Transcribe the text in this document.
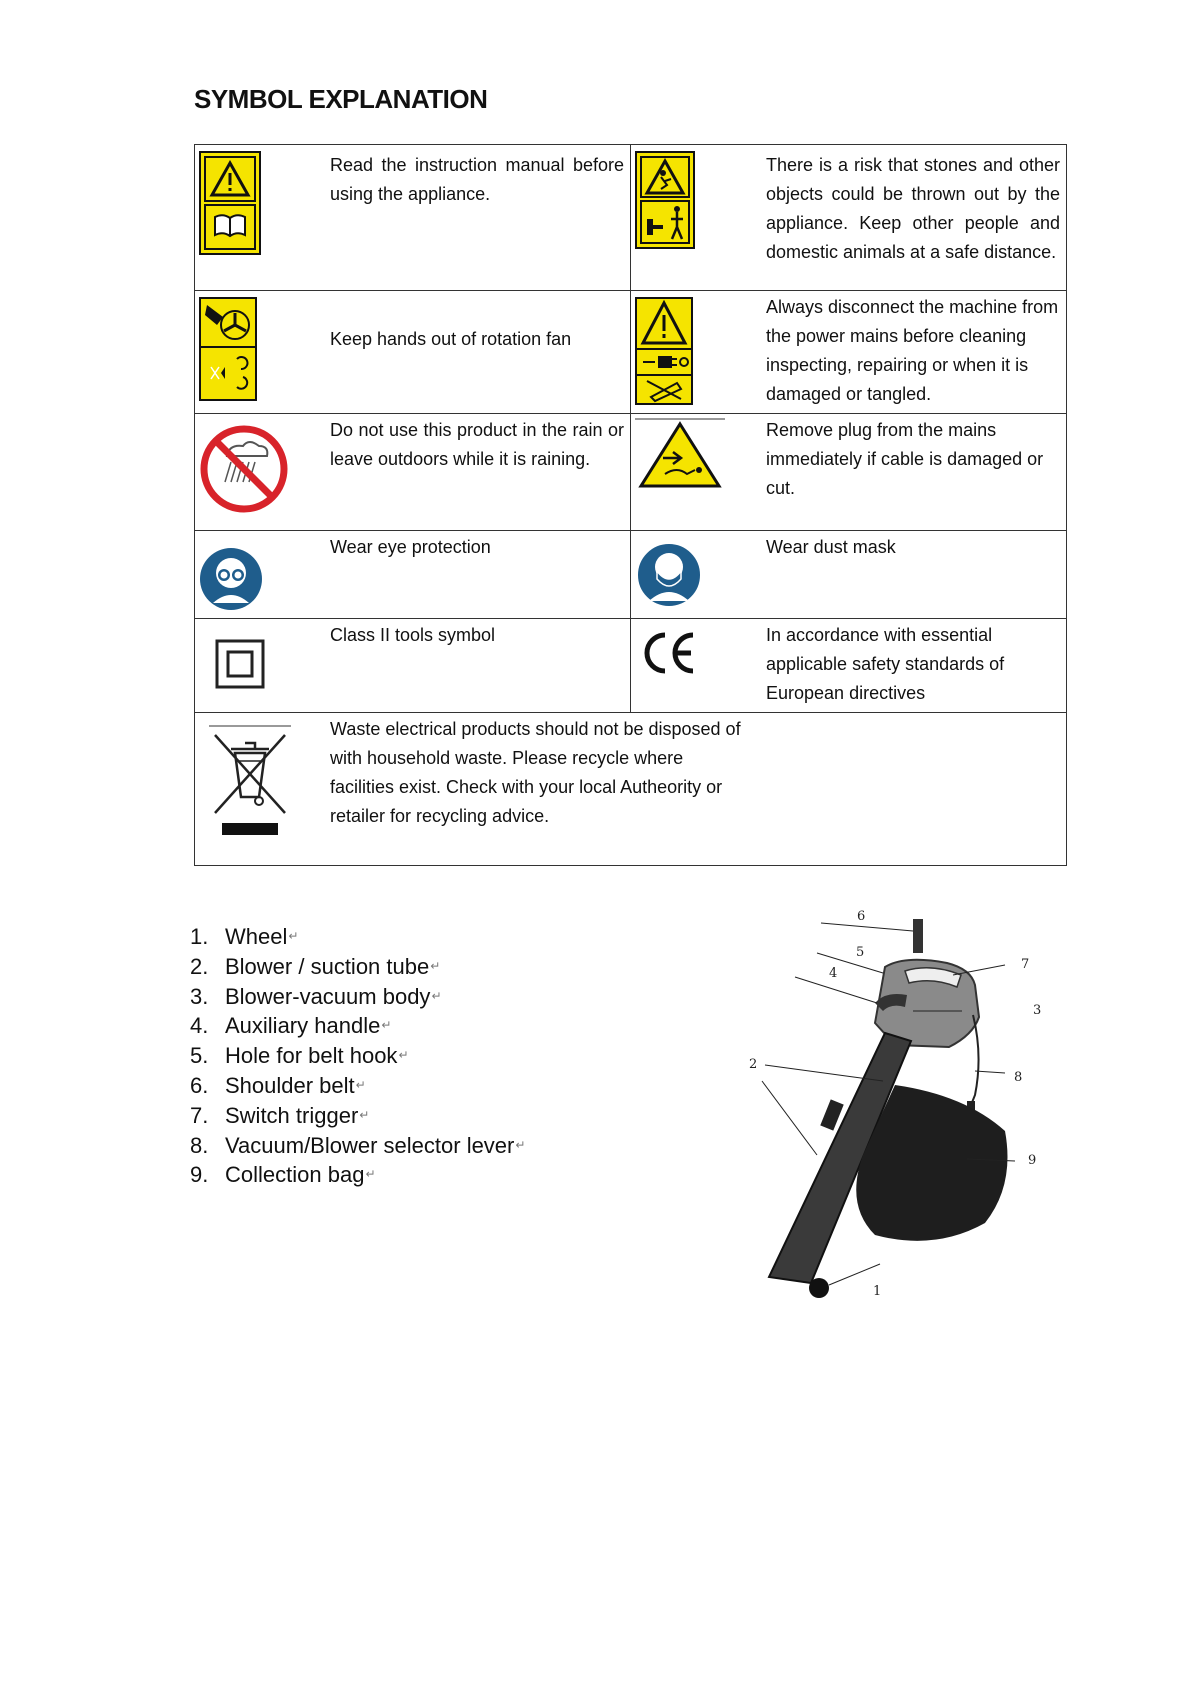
SYMBOL EXPLANATION
Read the instruction manual before using the appliance.	There is a risk that stones and other objects could be thrown out by the appliance. Keep other people and domestic animals at a safe distance.

Keep hands out of rotation fan	Always disconnect the machine from the power mains before cleaning inspecting, repairing or when it is damaged or tangled.

Do not use this product in the rain or leave outdoors while it is raining.	Remove plug from the mains immediately if cable is damaged or cut.

Wear eye protection	Wear dust mask

Class II tools symbol	In accordance with essential applicable safety standards of European directives

Waste electrical products should not be disposed of with household waste. Please recycle where facilities exist. Check with your local Autheority or retailer for recycling advice.	
1. Wheel ↵
2. Blower / suction tube ↵
3. Blower-vacuum body ↵
4. Auxiliary handle ↵
5. Hole for belt hook ↵
6. Shoulder belt ↵
7. Switch trigger ↵
8. Vacuum/Blower selector lever ↵
9. Collection bag ↵
1
2
3
4
5
6
7
8
9
